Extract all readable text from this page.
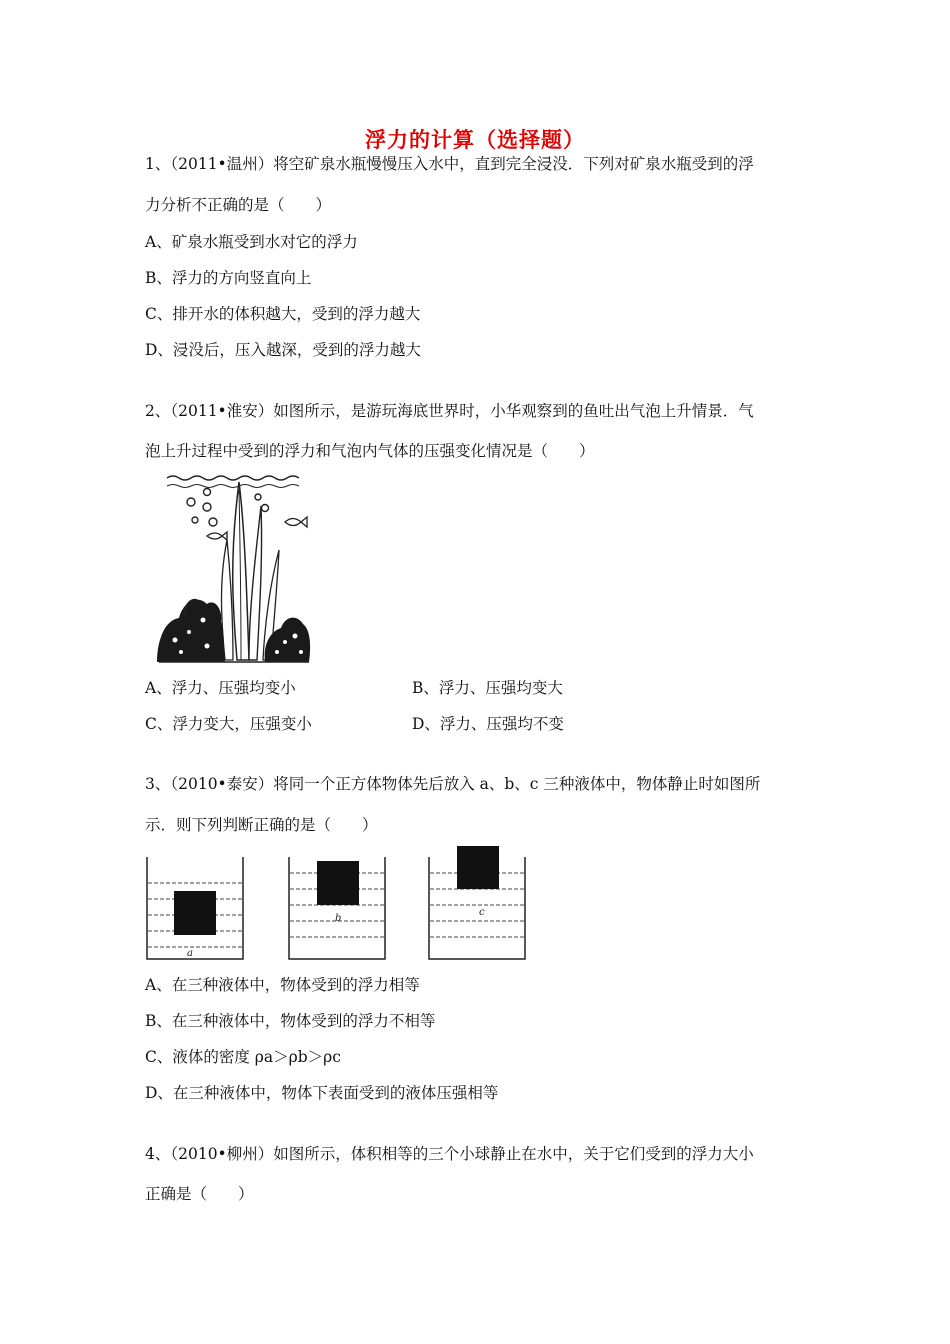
浮力的计算（选择题）
1、（2011•温州）将空矿泉水瓶慢慢压入水中，直到完全浸没．下列对矿泉水瓶受到的浮
力分析不正确的是（　　）
A、矿泉水瓶受到水对它的浮力
B、浮力的方向竖直向上
C、排开水的体积越大，受到的浮力越大
D、浸没后，压入越深，受到的浮力越大
2、（2011•淮安）如图所示，是游玩海底世界时，小华观察到的鱼吐出气泡上升情景．气
泡上升过程中受到的浮力和气泡内气体的压强变化情况是（　　）
A、浮力、压强均变小	B、浮力、压强均变大
C、浮力变大，压强变小	D、浮力、压强均不变
3、（2010•泰安）将同一个正方体物体先后放入 a、b、c 三种液体中，物体静止时如图所
示．则下列判断正确的是（　　）
a
b
c
A、在三种液体中，物体受到的浮力相等
B、在三种液体中，物体受到的浮力不相等
C、液体的密度 ρa＞ρb＞ρc
D、在三种液体中，物体下表面受到的液体压强相等
4、（2010•柳州）如图所示，体积相等的三个小球静止在水中，关于它们受到的浮力大小
正确是（　　）
